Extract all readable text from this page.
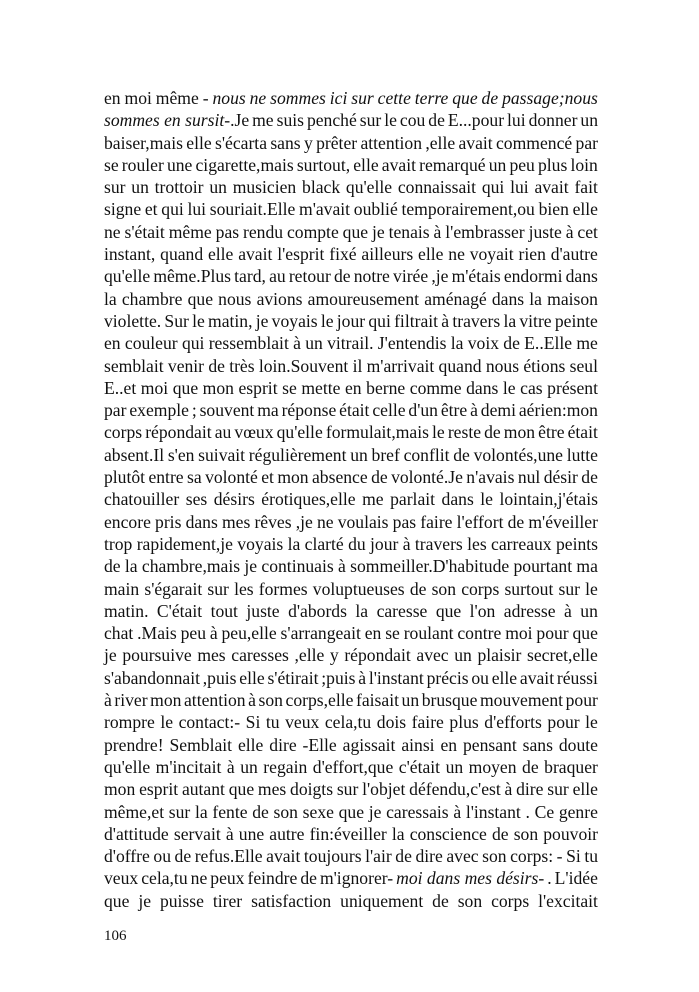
en moi même - nous ne sommes ici sur cette terre que de passage;nous
sommes en sursit-.Je me suis penché sur le cou de E...pour lui donner un
baiser,mais elle s'écarta sans y prêter attention ,elle avait commencé par
se rouler une cigarette,mais surtout, elle avait remarqué un peu plus loin
sur un trottoir un musicien black qu'elle connaissait qui lui avait fait
signe et qui lui souriait.Elle m'avait oublié temporairement,ou bien elle
ne s'était même pas rendu compte que je tenais à l'embrasser juste à cet
instant, quand elle avait l'esprit fixé ailleurs elle ne voyait rien d'autre
qu'elle même.Plus tard, au retour de notre virée ,je m'étais endormi dans
la chambre que nous avions amoureusement aménagé dans la maison
violette. Sur le matin, je voyais le jour qui filtrait à travers la vitre peinte
en couleur qui ressemblait à un vitrail. J'entendis la voix de E..Elle me
semblait venir de très loin.Souvent il m'arrivait quand nous étions seul
E..et moi que mon esprit se mette en berne comme dans le cas présent
par exemple ; souvent ma réponse était celle d'un être à demi aérien:mon
corps répondait au vœux qu'elle formulait,mais le reste de mon être était
absent.Il s'en suivait régulièrement un bref conflit de volontés,une lutte
plutôt entre sa volonté et mon absence de volonté.Je n'avais nul désir de
chatouiller ses désirs érotiques,elle me parlait dans le lointain,j'étais
encore pris dans mes rêves ,je ne voulais pas faire l'effort de m'éveiller
trop rapidement,je voyais la clarté du jour à travers les carreaux peints
de la chambre,mais je continuais à sommeiller.D'habitude pourtant ma
main s'égarait sur les formes voluptueuses de son corps surtout sur le
matin. C'était tout juste d'abords la caresse que l'on adresse à un
chat .Mais peu à peu,elle s'arrangeait en se roulant contre moi pour que
je poursuive mes caresses ,elle y répondait avec un plaisir secret,elle
s'abandonnait ,puis elle s'étirait ;puis à l'instant précis ou elle avait réussi
à river mon attention à son corps,elle faisait un brusque mouvement pour
rompre le contact:- Si tu veux cela,tu dois faire plus d'efforts pour le
prendre! Semblait elle dire -Elle agissait ainsi en pensant sans doute
qu'elle m'incitait à un regain d'effort,que c'était un moyen de braquer
mon esprit autant que mes doigts sur l'objet défendu,c'est à dire sur elle
même,et sur la fente de son sexe que je caressais à l'instant . Ce genre
d'attitude servait à une autre fin:éveiller la conscience de son pouvoir
d'offre ou de refus.Elle avait toujours l'air de dire avec son corps: - Si tu
veux cela,tu ne peux feindre de m'ignorer- moi dans mes désirs- . L'idée
que je puisse tirer satisfaction uniquement de son corps l'excitait
106
